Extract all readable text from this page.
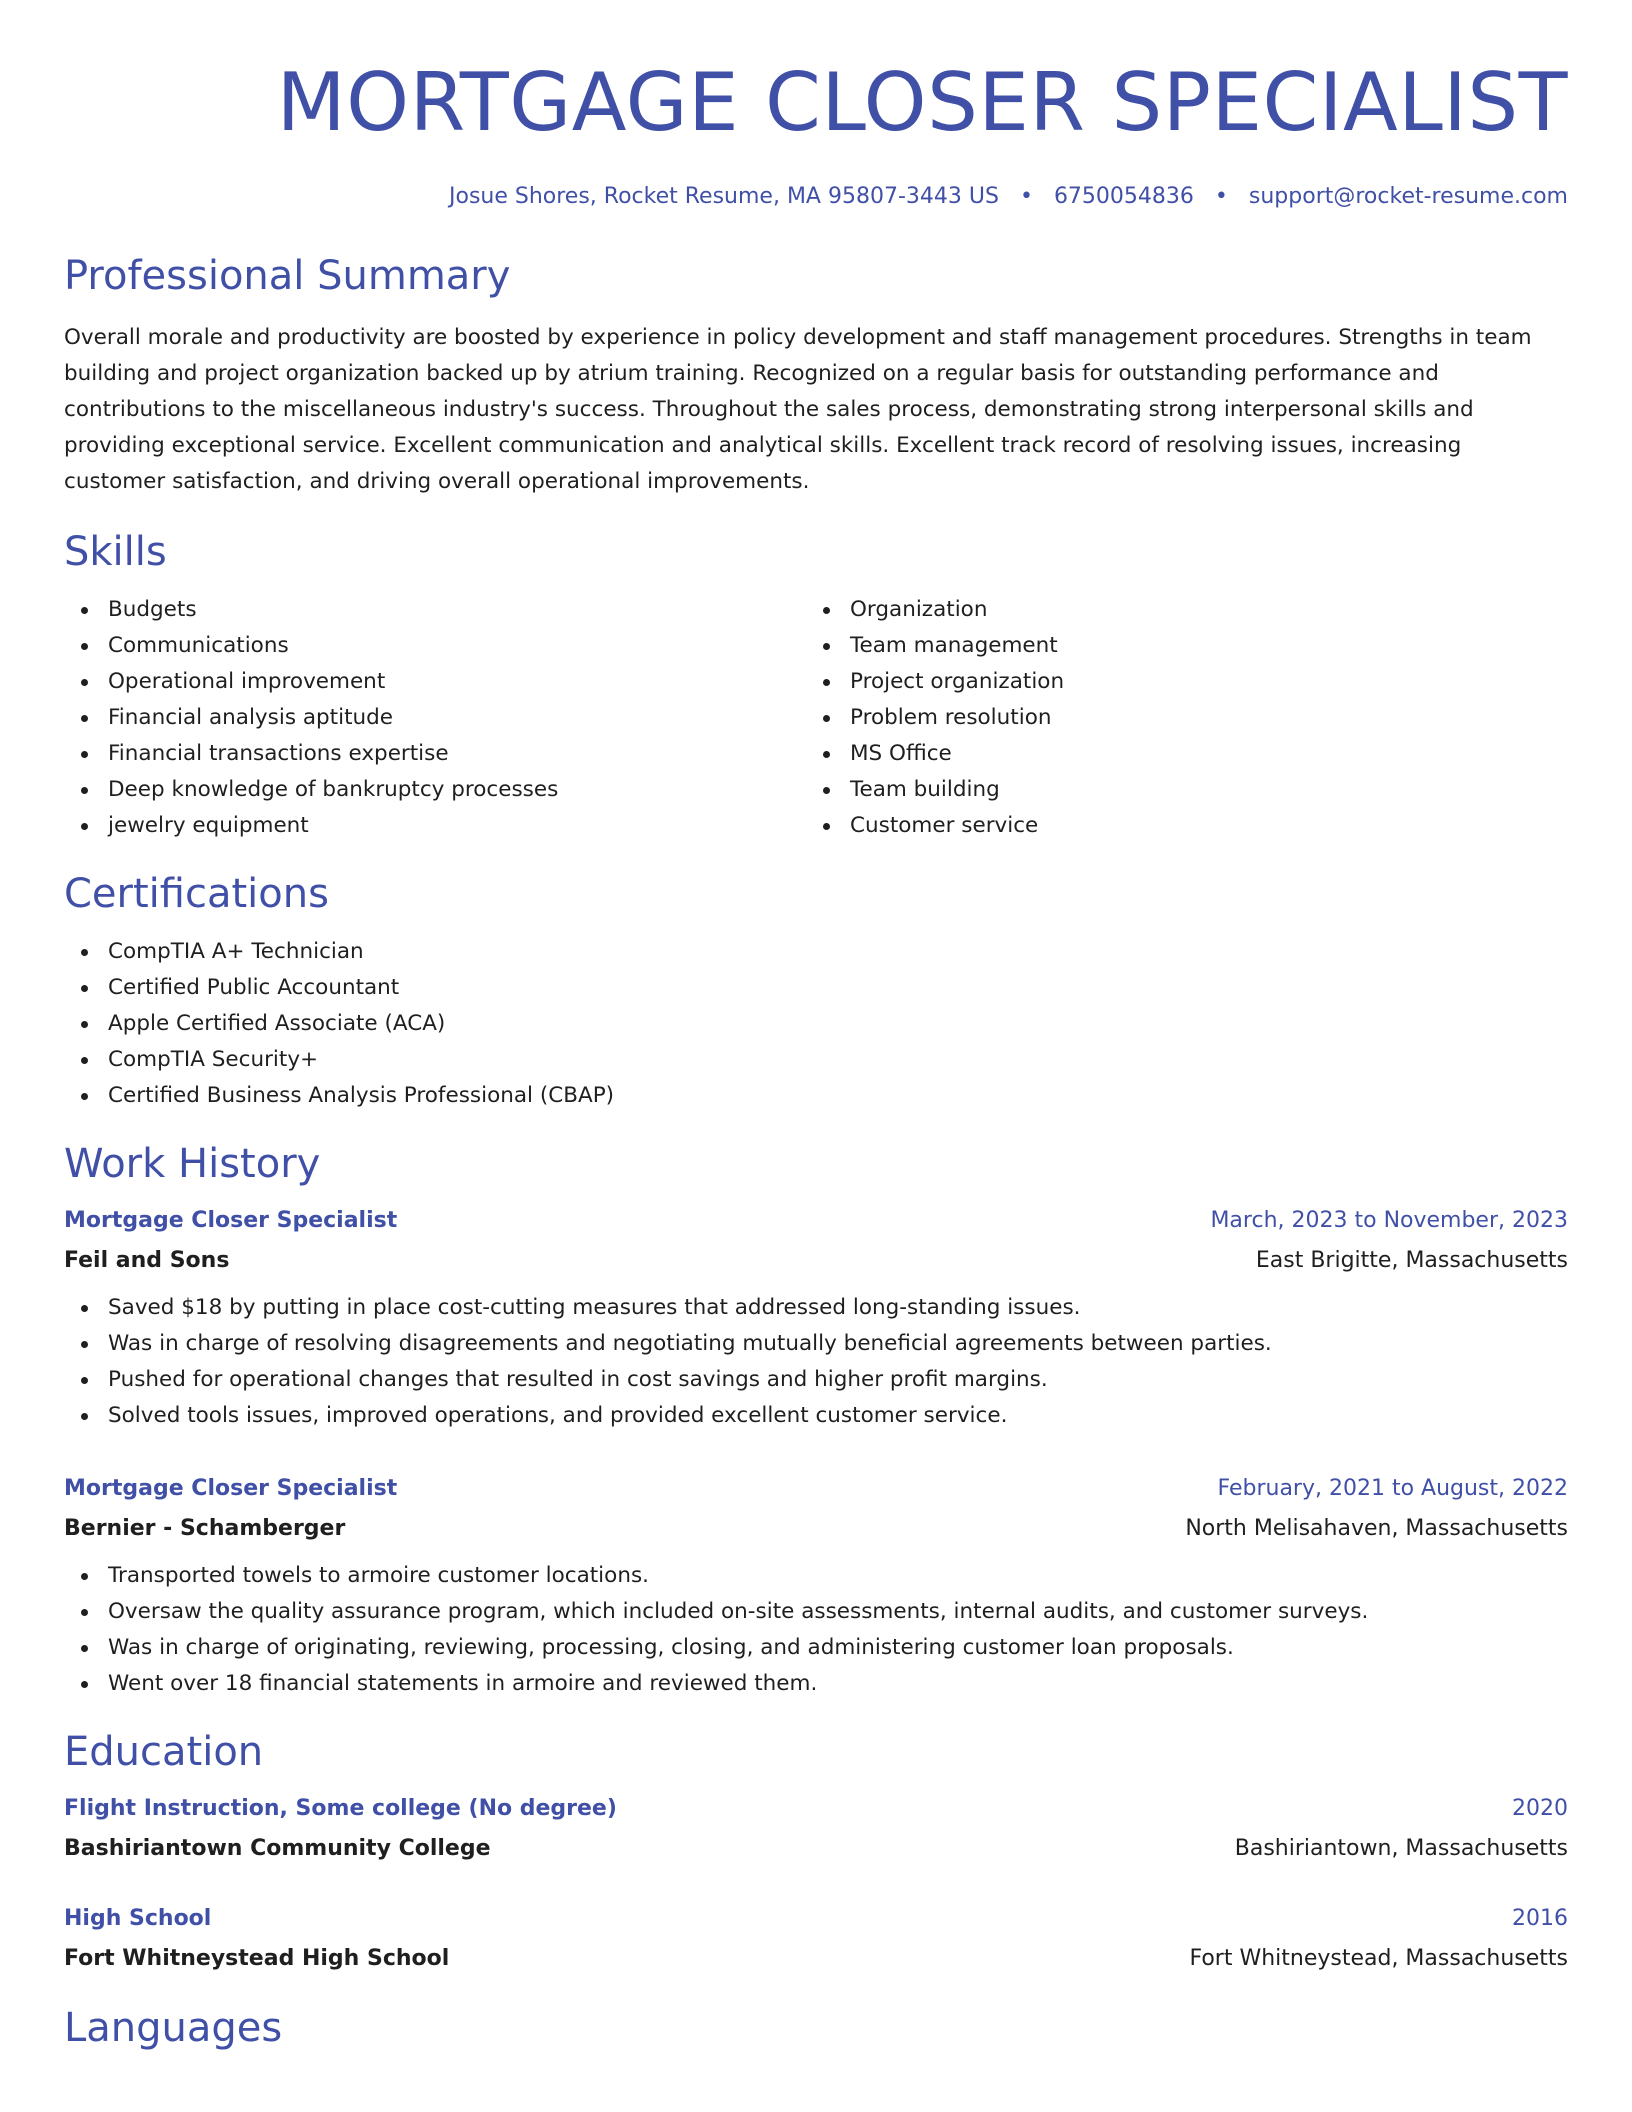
MORTGAGE CLOSER SPECIALIST
Josue Shores, Rocket Resume, MA 95807-3443 US • 6750054836 • support@rocket-resume.com
Professional Summary

Overall morale and productivity are boosted by experience in policy development and staff management procedures. Strengths in team building and project organization backed up by atrium training. Recognized on a regular basis for outstanding performance and contributions to the miscellaneous industry's success. Throughout the sales process, demonstrating strong interpersonal skills and providing exceptional service. Excellent communication and analytical skills. Excellent track record of resolving issues, increasing customer satisfaction, and driving overall operational improvements.

Skills
Budgets
Communications
Operational improvement
Financial analysis aptitude
Financial transactions expertise
Deep knowledge of bankruptcy processes
jewelry equipment
Organization
Team management
Project organization
Problem resolution
MS Office
Team building
Customer service
Certifications
CompTIA A+ Technician
Certified Public Accountant
Apple Certified Associate (ACA)
CompTIA Security+
Certified Business Analysis Professional (CBAP)
Work History
Mortgage Closer Specialist	March, 2023 to November, 2023
Feil and Sons	East Brigitte, Massachusetts
Saved $18 by putting in place cost-cutting measures that addressed long-standing issues.
Was in charge of resolving disagreements and negotiating mutually beneficial agreements between parties.
Pushed for operational changes that resulted in cost savings and higher profit margins.
Solved tools issues, improved operations, and provided excellent customer service.
Mortgage Closer Specialist	February, 2021 to August, 2022
Bernier - Schamberger	North Melisahaven, Massachusetts
Transported towels to armoire customer locations.
Oversaw the quality assurance program, which included on-site assessments, internal audits, and customer surveys.
Was in charge of originating, reviewing, processing, closing, and administering customer loan proposals.
Went over 18 financial statements in armoire and reviewed them.
Education
Flight Instruction, Some college (No degree)	2020
Bashiriantown Community College	Bashiriantown, Massachusetts
High School	2016
Fort Whitneystead High School	Fort Whitneystead, Massachusetts
Languages
